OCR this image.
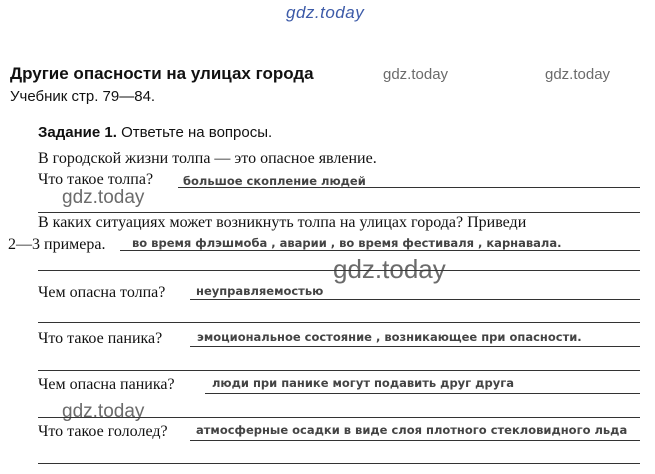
gdz.today
Другие опасности на улицах города	gdz.today	gdz.today
Учебник стр. 79—84.
Задание 1. Ответьте на вопросы.
В городской жизни толпа — это опасное явление.
Что такое толпа?	большое скопление людей
gdz.today
В каких ситуациях может возникнуть толпа на улицах города? Приведи
2—3 примера. во время флэшмоба , аварии , во время фестиваля , карнавала.
gdz.today
Чем опасна толпа?	неуправляемостью
Что такое паника?	эмоциональное состояние , возникающее при опасности.
Чем опасна паника?	люди при панике могут подавить друг друга
gdz.today
Что такое гололед? атмосферные осадки в виде слоя плотного стекловидного льда
